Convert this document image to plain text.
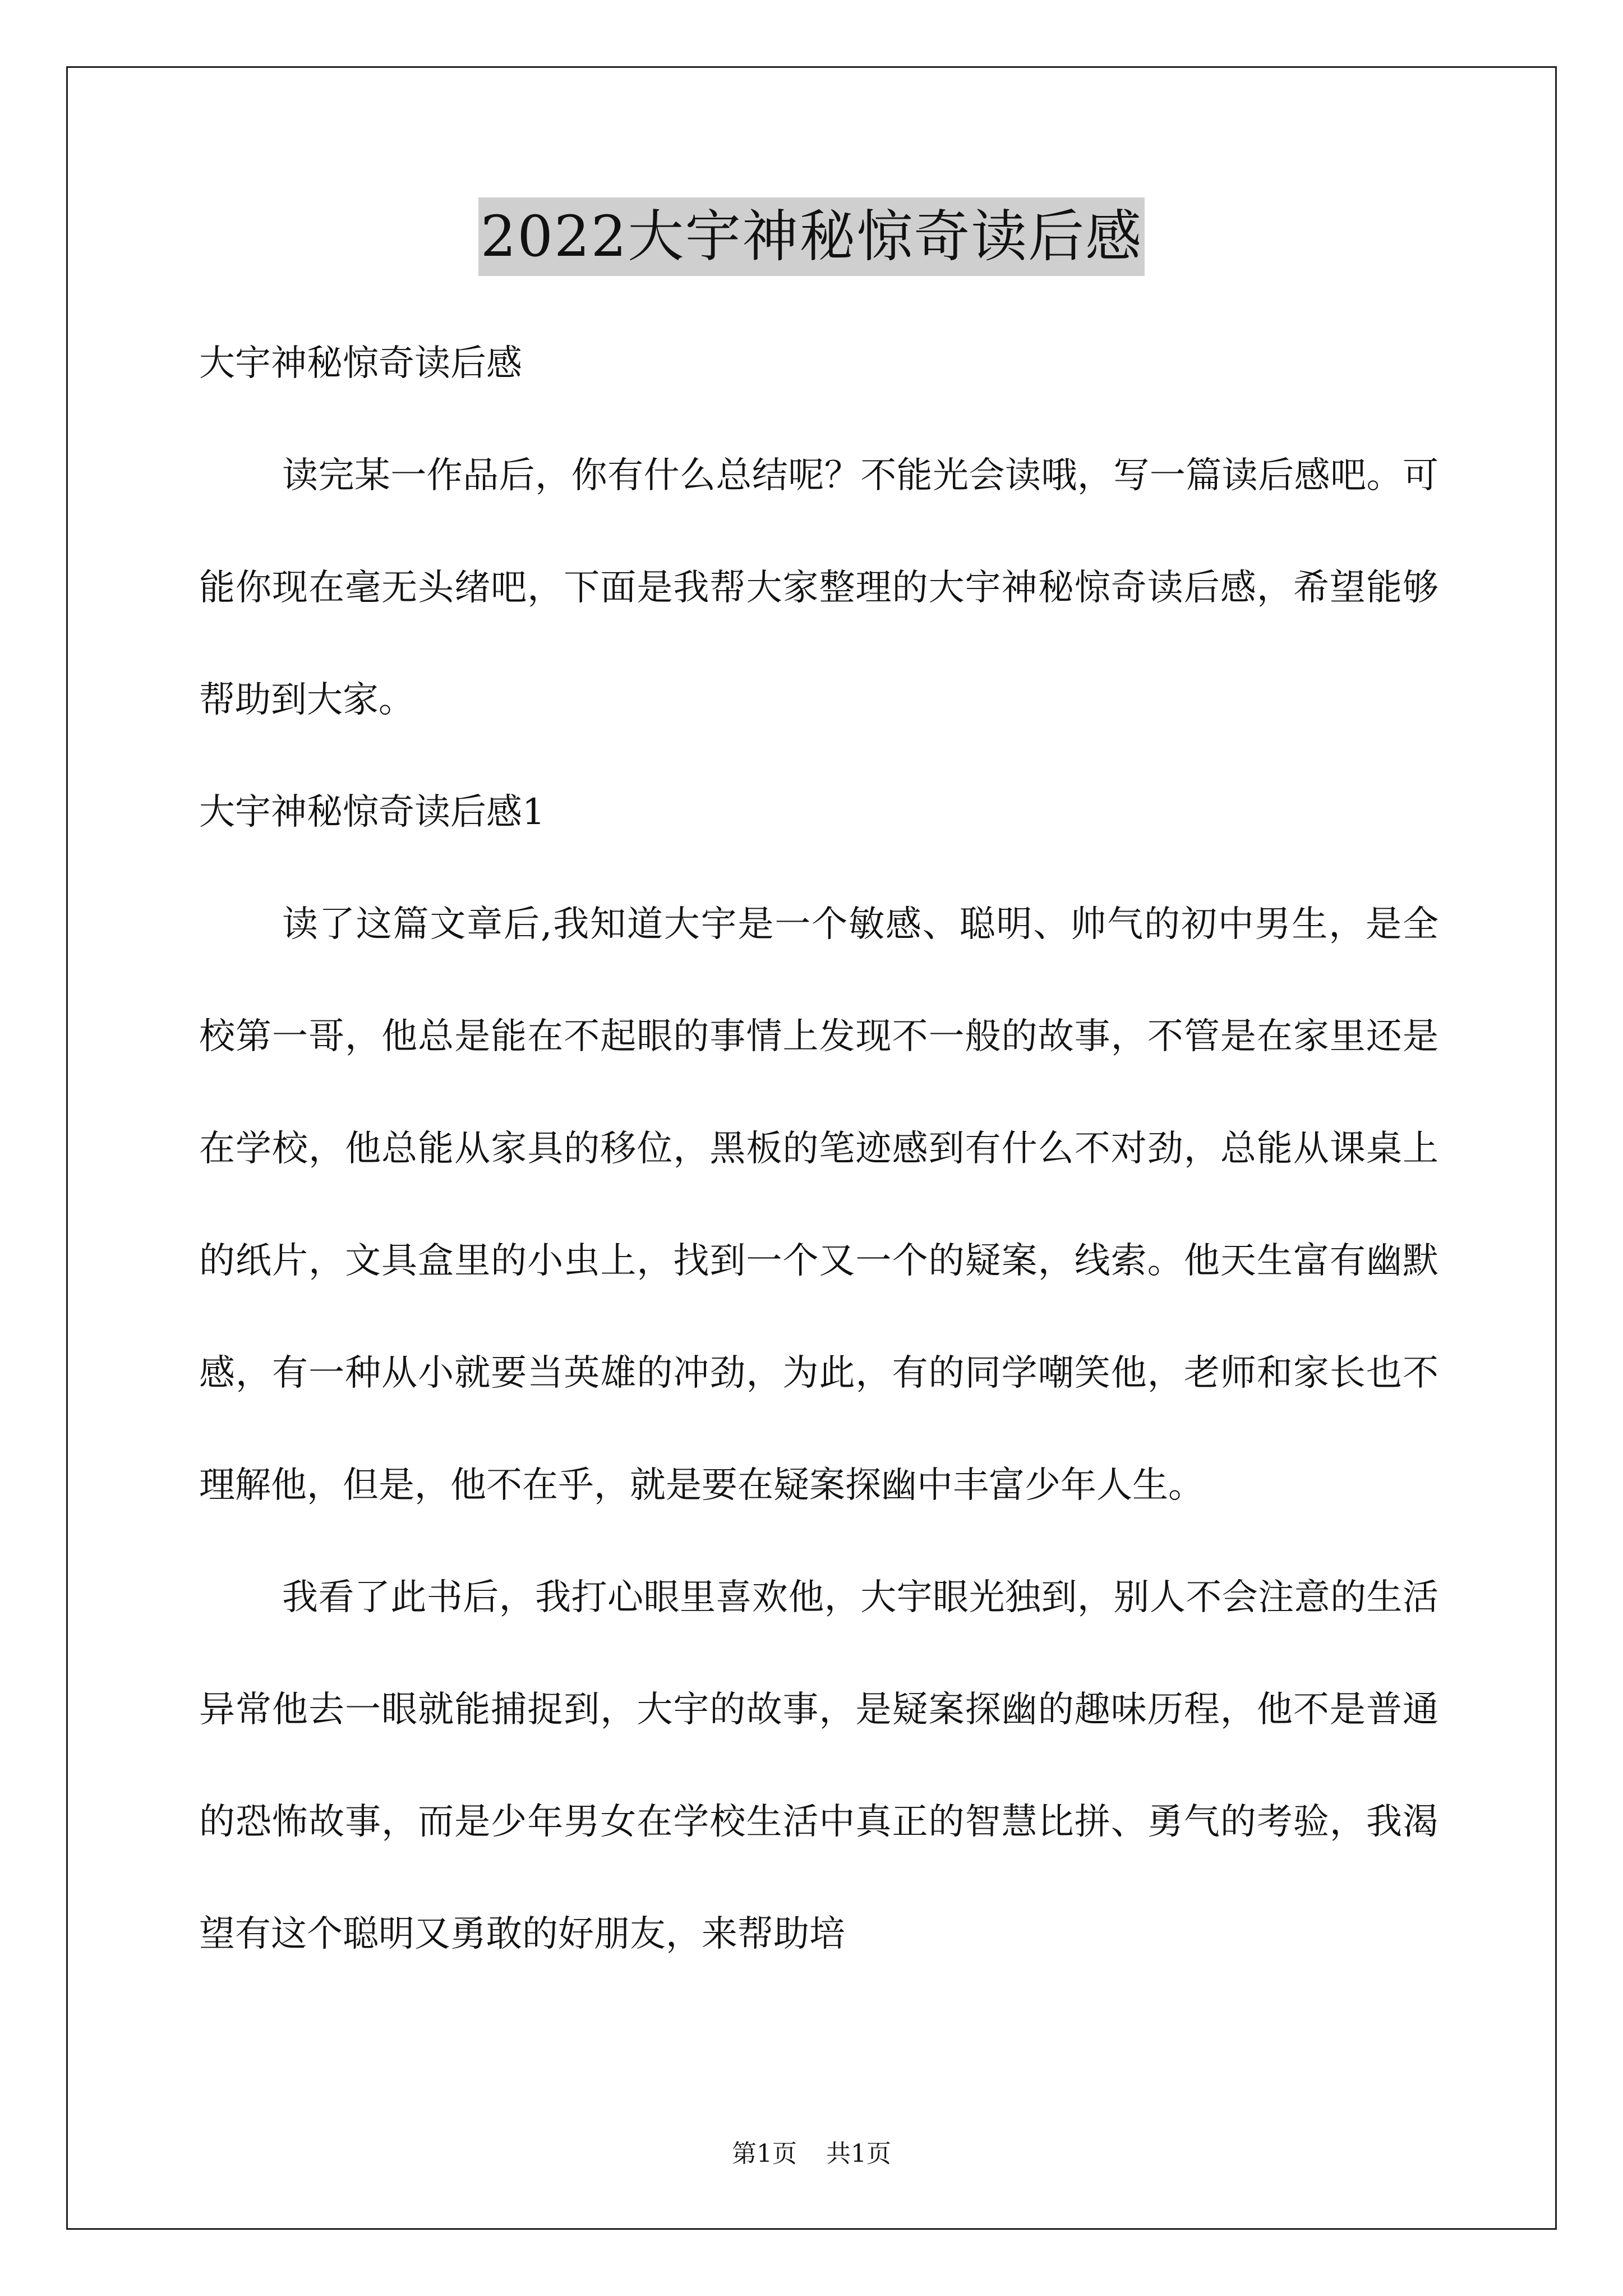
2022大宇神秘惊奇读后感

大宇神秘惊奇读后感

读完某一作品后，你有什么总结呢？不能光会读哦，写一篇读后感吧。可能你现在毫无头绪吧，下面是我帮大家整理的大宇神秘惊奇读后感，希望能够帮助到大家。

大宇神秘惊奇读后感1

读了这篇文章后,我知道大宇是一个敏感、聪明、帅气的初中男生，是全校第一哥，他总是能在不起眼的事情上发现不一般的故事，不管是在家里还是在学校，他总能从家具的移位，黑板的笔迹感到有什么不对劲，总能从课桌上的纸片，文具盒里的小虫上，找到一个又一个的疑案，线索。他天生富有幽默感，有一种从小就要当英雄的冲劲，为此，有的同学嘲笑他，老师和家长也不理解他，但是，他不在乎，就是要在疑案探幽中丰富少年人生。

我看了此书后，我打心眼里喜欢他，大宇眼光独到，别人不会注意的生活异常他去一眼就能捕捉到，大宇的故事，是疑案探幽的趣味历程，他不是普通的恐怖故事，而是少年男女在学校生活中真正的智慧比拼、勇气的考验，我渴望有这个聪明又勇敢的好朋友，来帮助培

第1页 共1页
